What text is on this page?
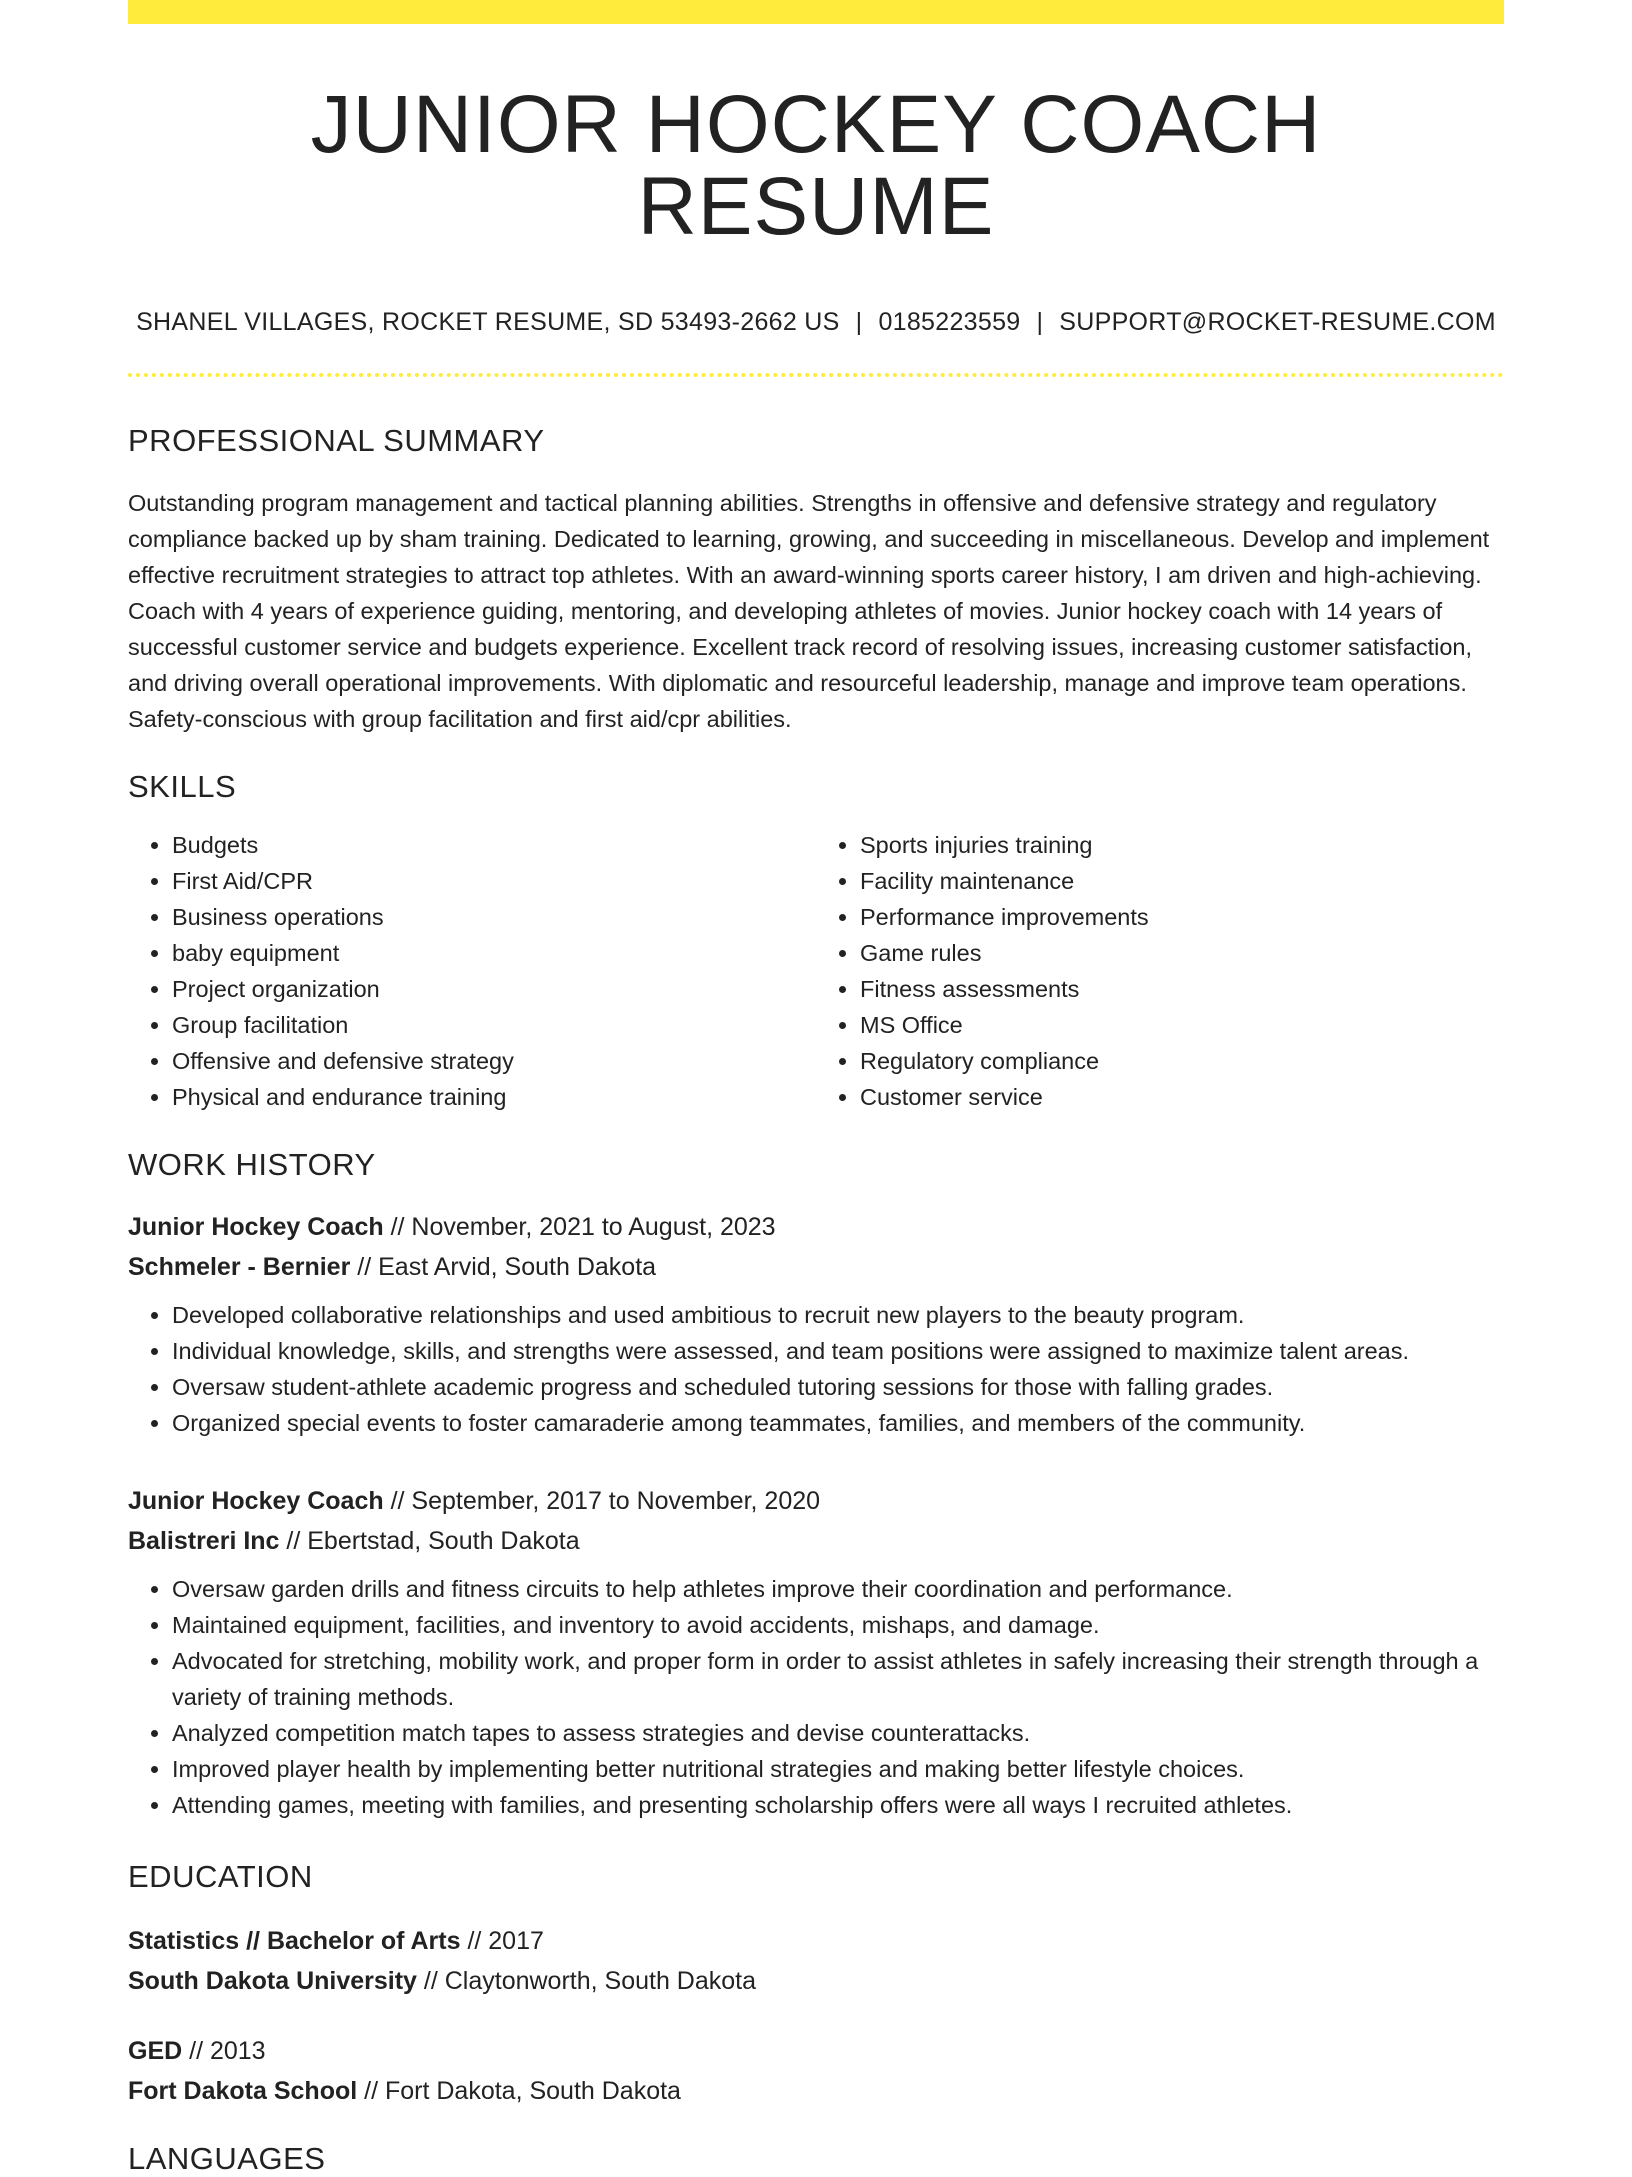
JUNIOR HOCKEY COACH RESUME
SHANEL VILLAGES, ROCKET RESUME, SD 53493-2662 US | 0185223559 | SUPPORT@ROCKET-RESUME.COM
PROFESSIONAL SUMMARY

Outstanding program management and tactical planning abilities. Strengths in offensive and defensive strategy and regulatory compliance backed up by sham training. Dedicated to learning, growing, and succeeding in miscellaneous. Develop and implement effective recruitment strategies to attract top athletes. With an award-winning sports career history, I am driven and high-achieving. Coach with 4 years of experience guiding, mentoring, and developing athletes of movies. Junior hockey coach with 14 years of successful customer service and budgets experience. Excellent track record of resolving issues, increasing customer satisfaction, and driving overall operational improvements. With diplomatic and resourceful leadership, manage and improve team operations. Safety-conscious with group facilitation and first aid/cpr abilities.

SKILLS
• Budgets
• First Aid/CPR
• Business operations
• baby equipment
• Project organization
• Group facilitation
• Offensive and defensive strategy
• Physical and endurance training
• Sports injuries training
• Facility maintenance
• Performance improvements
• Game rules
• Fitness assessments
• MS Office
• Regulatory compliance
• Customer service
WORK HISTORY
Junior Hockey Coach // November, 2021 to August, 2023
Schmeler - Bernier // East Arvid, South Dakota
• Developed collaborative relationships and used ambitious to recruit new players to the beauty program.
• Individual knowledge, skills, and strengths were assessed, and team positions were assigned to maximize talent areas.
• Oversaw student-athlete academic progress and scheduled tutoring sessions for those with falling grades.
• Organized special events to foster camaraderie among teammates, families, and members of the community.
Junior Hockey Coach // September, 2017 to November, 2020
Balistreri Inc // Ebertstad, South Dakota
• Oversaw garden drills and fitness circuits to help athletes improve their coordination and performance.
• Maintained equipment, facilities, and inventory to avoid accidents, mishaps, and damage.
• Advocated for stretching, mobility work, and proper form in order to assist athletes in safely increasing their strength through a variety of training methods.
• Analyzed competition match tapes to assess strategies and devise counterattacks.
• Improved player health by implementing better nutritional strategies and making better lifestyle choices.
• Attending games, meeting with families, and presenting scholarship offers were all ways I recruited athletes.
EDUCATION
Statistics // Bachelor of Arts // 2017
South Dakota University // Claytonworth, South Dakota
GED // 2013
Fort Dakota School // Fort Dakota, South Dakota
LANGUAGES
